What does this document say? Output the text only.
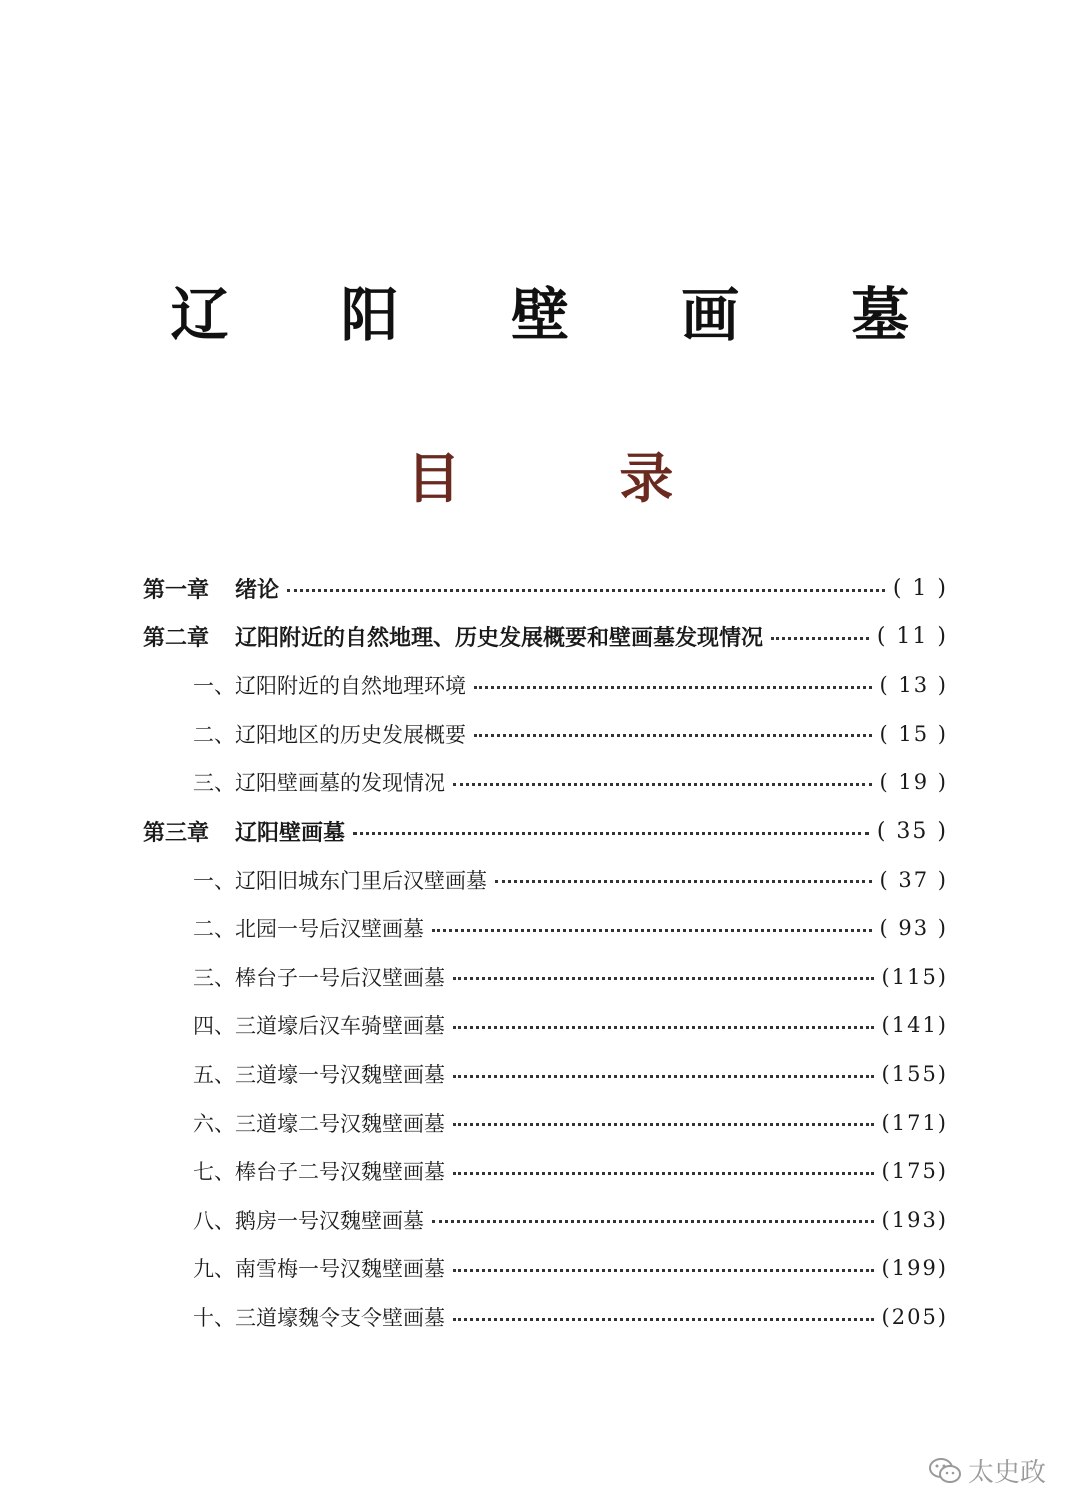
辽 阳 壁 画 墓
目 录
第一章 绪论	( 1 )
第二章 辽阳附近的自然地理、历史发展概要和壁画墓发现情况	( 11 )
一、辽阳附近的自然地理环境	( 13 )
二、辽阳地区的历史发展概要	( 15 )
三、辽阳壁画墓的发现情况	( 19 )
第三章 辽阳壁画墓	( 35 )
一、辽阳旧城东门里后汉壁画墓	( 37 )
二、北园一号后汉壁画墓	( 93 )
三、棒台子一号后汉壁画墓	(115)
四、三道壕后汉车骑壁画墓	(141)
五、三道壕一号汉魏壁画墓	(155)
六、三道壕二号汉魏壁画墓	(171)
七、棒台子二号汉魏壁画墓	(175)
八、鹅房一号汉魏壁画墓	(193)
九、南雪梅一号汉魏壁画墓	(199)
十、三道壕魏令支令壁画墓	(205)
太史政
